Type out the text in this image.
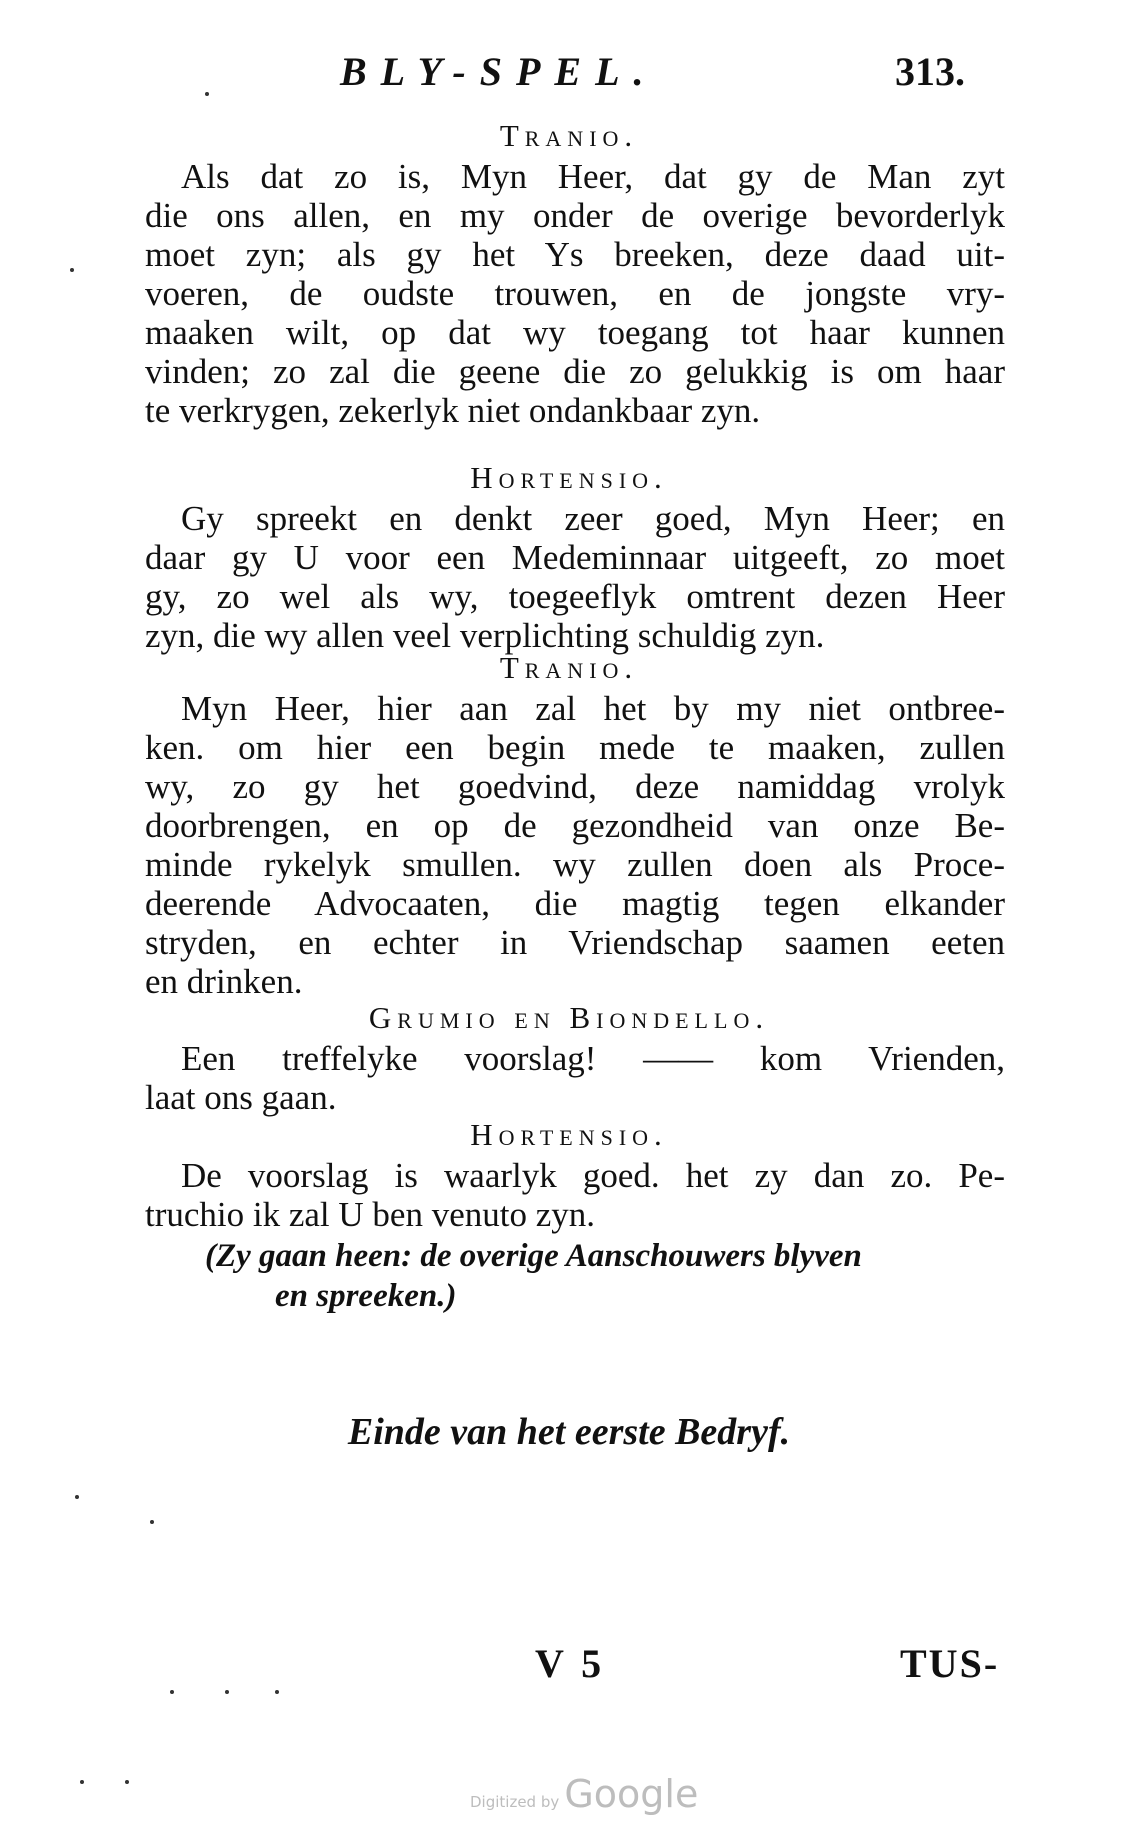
BLY-SPEL.	313.
Tranio.
Als dat zo is, Myn Heer, dat gy de Man zyt
die ons allen, en my onder de overige bevorderlyk
moet zyn; als gy het Ys breeken, deze daad uit-
voeren, de oudste trouwen, en de jongste vry-
maaken wilt, op dat wy toegang tot haar kunnen
vinden; zo zal die geene die zo gelukkig is om haar
te verkrygen, zekerlyk niet ondankbaar zyn.
Hortensio.
Gy spreekt en denkt zeer goed, Myn Heer; en
daar gy U voor een Medeminnaar uitgeeft, zo moet
gy, zo wel als wy, toegeeflyk omtrent dezen Heer
zyn, die wy allen veel verplichting schuldig zyn.
Tranio.
Myn Heer, hier aan zal het by my niet ontbree-
ken. om hier een begin mede te maaken, zullen
wy, zo gy het goedvind, deze namiddag vrolyk
doorbrengen, en op de gezondheid van onze Be-
minde rykelyk smullen. wy zullen doen als Proce-
deerende Advocaaten, die magtig tegen elkander
stryden, en echter in Vriendschap saamen eeten
en drinken.
Grumio en Biondello.
Een treffelyke voorslag! —— kom Vrienden,
laat ons gaan.
Hortensio.
De voorslag is waarlyk goed. het zy dan zo. Pe-
truchio ik zal U ben venuto zyn.
(Zy gaan heen: de overige Aanschouwers blyven
en spreeken.)
Einde van het eerste Bedryf.
V 5	TUS-
Digitized by Google
